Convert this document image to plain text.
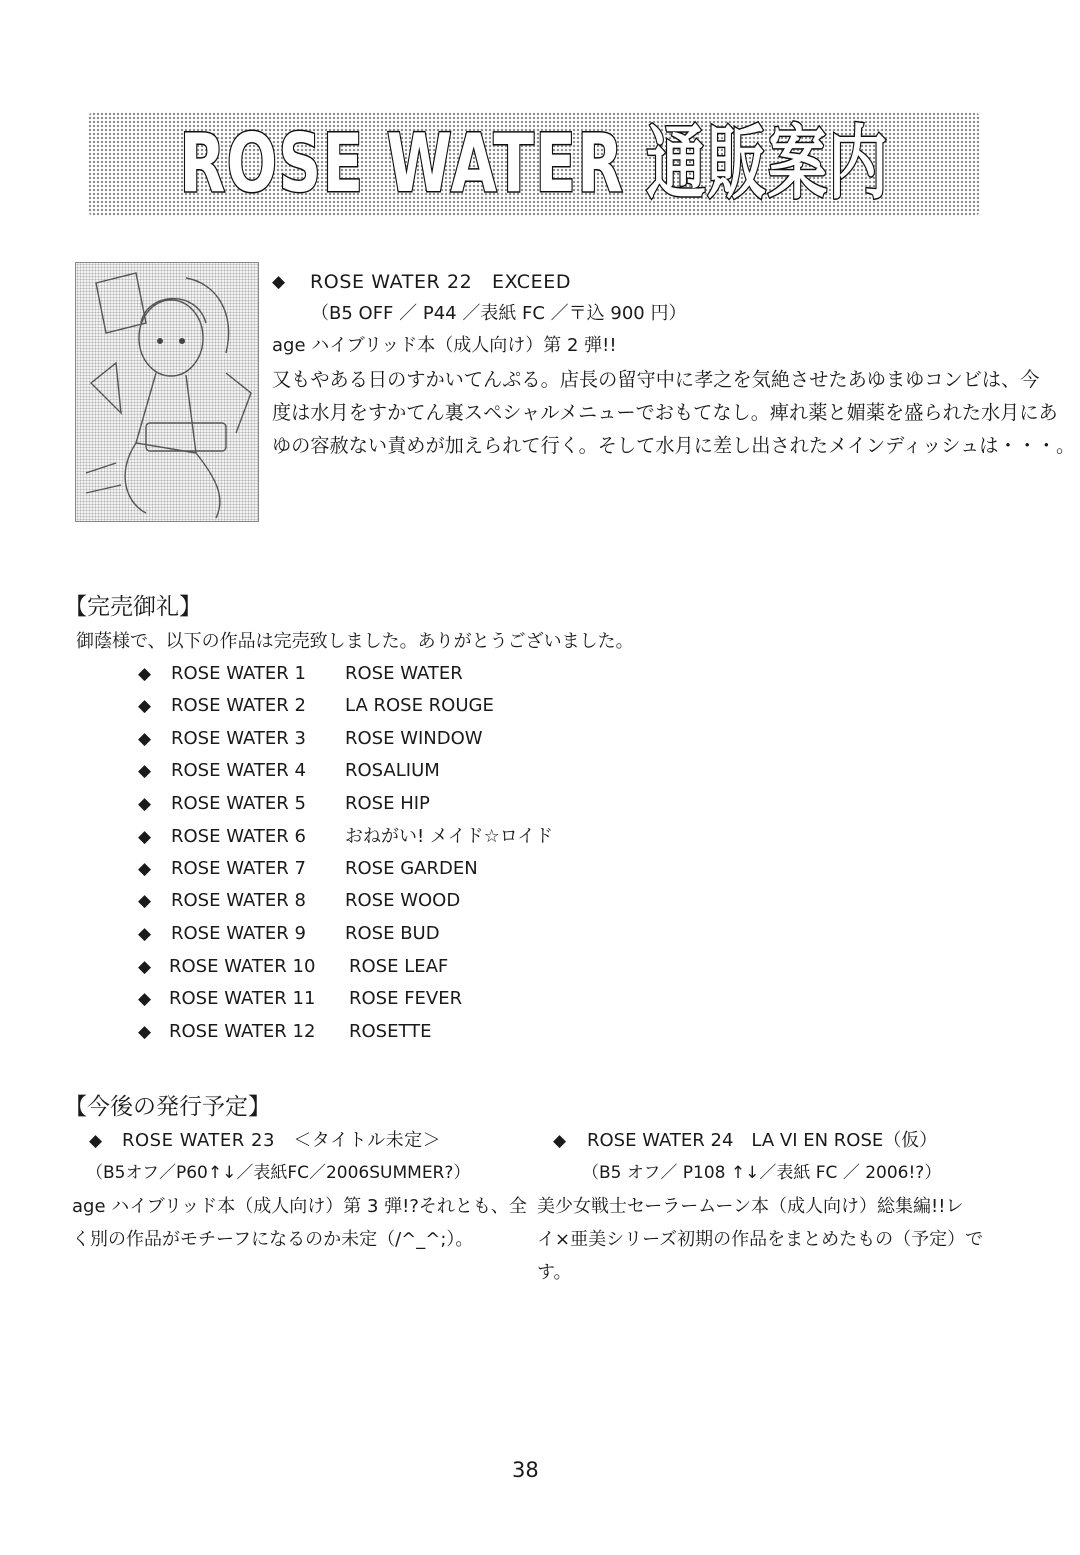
ROSE WATER 通販案内
◆ ROSE WATER 22　EXCEED
（B5 OFF ／ P44 ／表紙 FC ／〒込 900 円）
age ハイブリッド本（成人向け）第 2 弾!!
又もやある日のすかいてんぷる。店長の留守中に孝之を気絶させたあゆまゆコンビは、今
度は水月をすかてん裏スペシャルメニューでおもてなし。痺れ薬と媚薬を盛られた水月にあ
ゆの容赦ない責めが加えられて行く。そして水月に差し出されたメインディッシュは・・・。
【完売御礼】
御蔭様で、以下の作品は完売致しました。ありがとうございました。
◆ ROSE WATER 1 ROSE WATER
◆ ROSE WATER 2 LA ROSE ROUGE
◆ ROSE WATER 3 ROSE WINDOW
◆ ROSE WATER 4 ROSALIUM
◆ ROSE WATER 5 ROSE HIP
◆ ROSE WATER 6 おねがい! メイド☆ロイド
◆ ROSE WATER 7 ROSE GARDEN
◆ ROSE WATER 8 ROSE WOOD
◆ ROSE WATER 9 ROSE BUD
◆ ROSE WATER 10 ROSE LEAF
◆ ROSE WATER 11 ROSE FEVER
◆ ROSE WATER 12 ROSETTE
【今後の発行予定】
◆ ROSE WATER 23　＜タイトル未定＞
（B5オフ／P60↑↓／表紙FC／2006SUMMER?）
age ハイブリッド本（成人向け）第 3 弾!?それとも、全
く別の作品がモチーフになるのか未定（/^_^;）。
◆ ROSE WATER 24　LA VI EN ROSE（仮）
（B5 オフ／ P108 ↑↓／表紙 FC ／ 2006!?）
美少女戦士セーラームーン本（成人向け）総集編!!レ
イ×亜美シリーズ初期の作品をまとめたもの（予定）で
す。
38
